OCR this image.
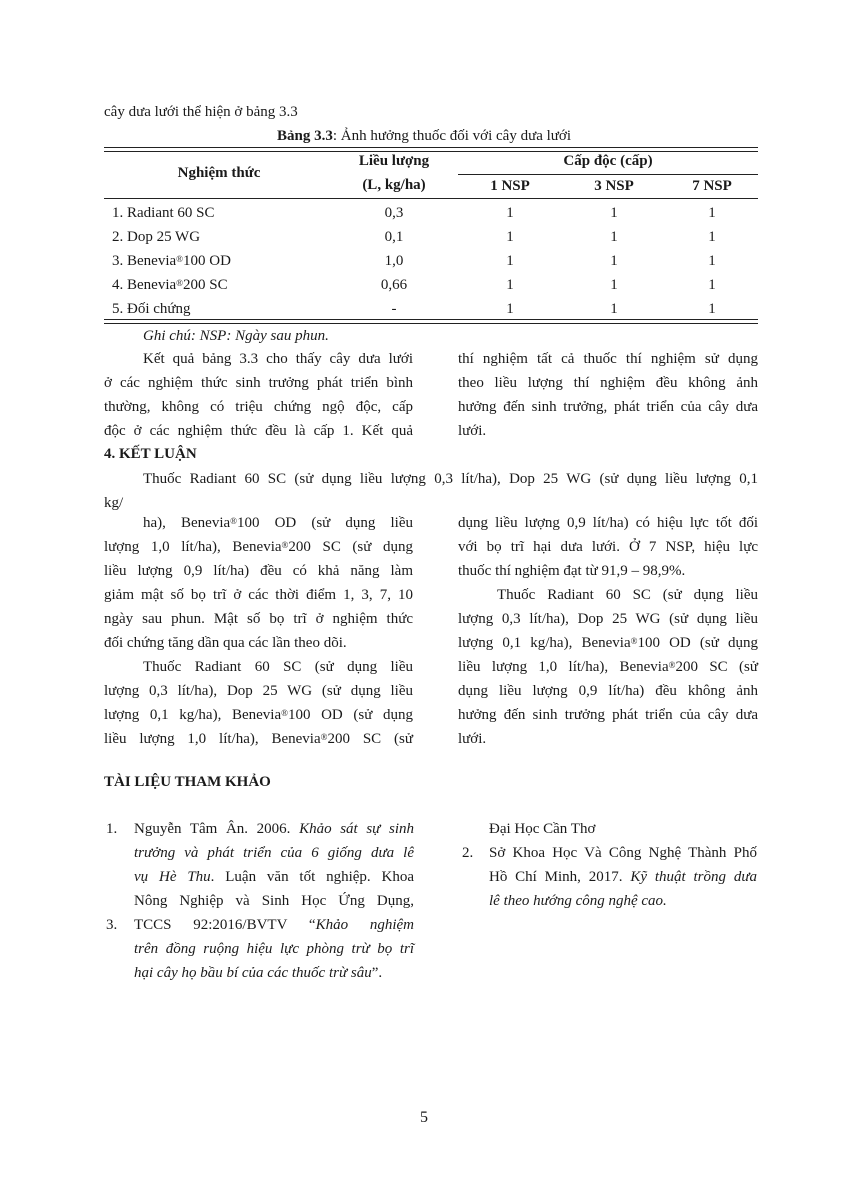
cây dưa lưới thể hiện ở bảng 3.3
Bảng 3.3: Ảnh hưởng thuốc đối với cây dưa lưới
Nghiệm thức
Liều lượng
(L, kg/ha)
Cấp độc (cấp)
1 NSP	3 NSP	7 NSP
1. Radiant 60 SC	0,3	1	1	1
2. Dop 25 WG	0,1	1	1	1
3. Benevia®100 OD	1,0	1	1	1
4. Benevia®200 SC	0,66	1	1	1
5. Đối chứng	-	1	1	1
Ghi chú: NSP: Ngày sau phun.
Kết quả bảng 3.3 cho thấy cây dưa lưới
ở các nghiệm thức sinh trưởng phát triển bình
thường, không có triệu chứng ngộ độc, cấp
độc ở các nghiệm thức đều là cấp 1. Kết quả
thí nghiệm tất cả thuốc thí nghiệm sử dụng
theo liều lượng thí nghiệm đều không ảnh
hưởng đến sinh trưởng, phát triển của cây dưa
lưới.
4. KẾT LUẬN
Thuốc Radiant 60 SC (sử dụng liều lượng 0,3 lít/ha), Dop 25 WG (sử dụng liều lượng 0,1
kg/
ha), Benevia®100 OD (sử dụng liều
lượng 1,0 lít/ha), Benevia®200 SC (sử dụng
liều lượng 0,9 lít/ha) đều có khả năng làm
giảm mật số bọ trĩ ở các thời điểm 1, 3, 7, 10
ngày sau phun. Mật số bọ trĩ ở nghiệm thức
đối chứng tăng dần qua các lần theo dõi.
Thuốc Radiant 60 SC (sử dụng liều
lượng 0,3 lít/ha), Dop 25 WG (sử dụng liều
lượng 0,1 kg/ha), Benevia®100 OD (sử dụng
liều lượng 1,0 lít/ha), Benevia®200 SC (sử
dụng liều lượng 0,9 lít/ha) có hiệu lực tốt đối
với bọ trĩ hại dưa lưới. Ở 7 NSP, hiệu lực
thuốc thí nghiệm đạt từ 91,9 – 98,9%.
Thuốc Radiant 60 SC (sử dụng liều
lượng 0,3 lít/ha), Dop 25 WG (sử dụng liều
lượng 0,1 kg/ha), Benevia®100 OD (sử dụng
liều lượng 1,0 lít/ha), Benevia®200 SC (sử
dụng liều lượng 0,9 lít/ha) đều không ảnh
hưởng đến sinh trưởng phát triển của cây dưa
lưới.
TÀI LIỆU THAM KHẢO
1. Nguyễn Tâm Ân. 2006. Khảo sát sự sinh
trưởng và phát triển của 6 giống dưa lê
vụ Hè Thu. Luận văn tốt nghiệp. Khoa
Nông Nghiệp và Sinh Học Ứng Dụng,
Đại Học Cần Thơ
2. Sở Khoa Học Và Công Nghệ Thành Phố
Hồ Chí Minh, 2017. Kỹ thuật trồng dưa
lê theo hướng công nghệ cao.
3. TCCS 92:2016/BVTV “Khảo nghiệm
trên đồng ruộng hiệu lực phòng trừ bọ trĩ
hại cây họ bầu bí của các thuốc trừ sâu”.
5
